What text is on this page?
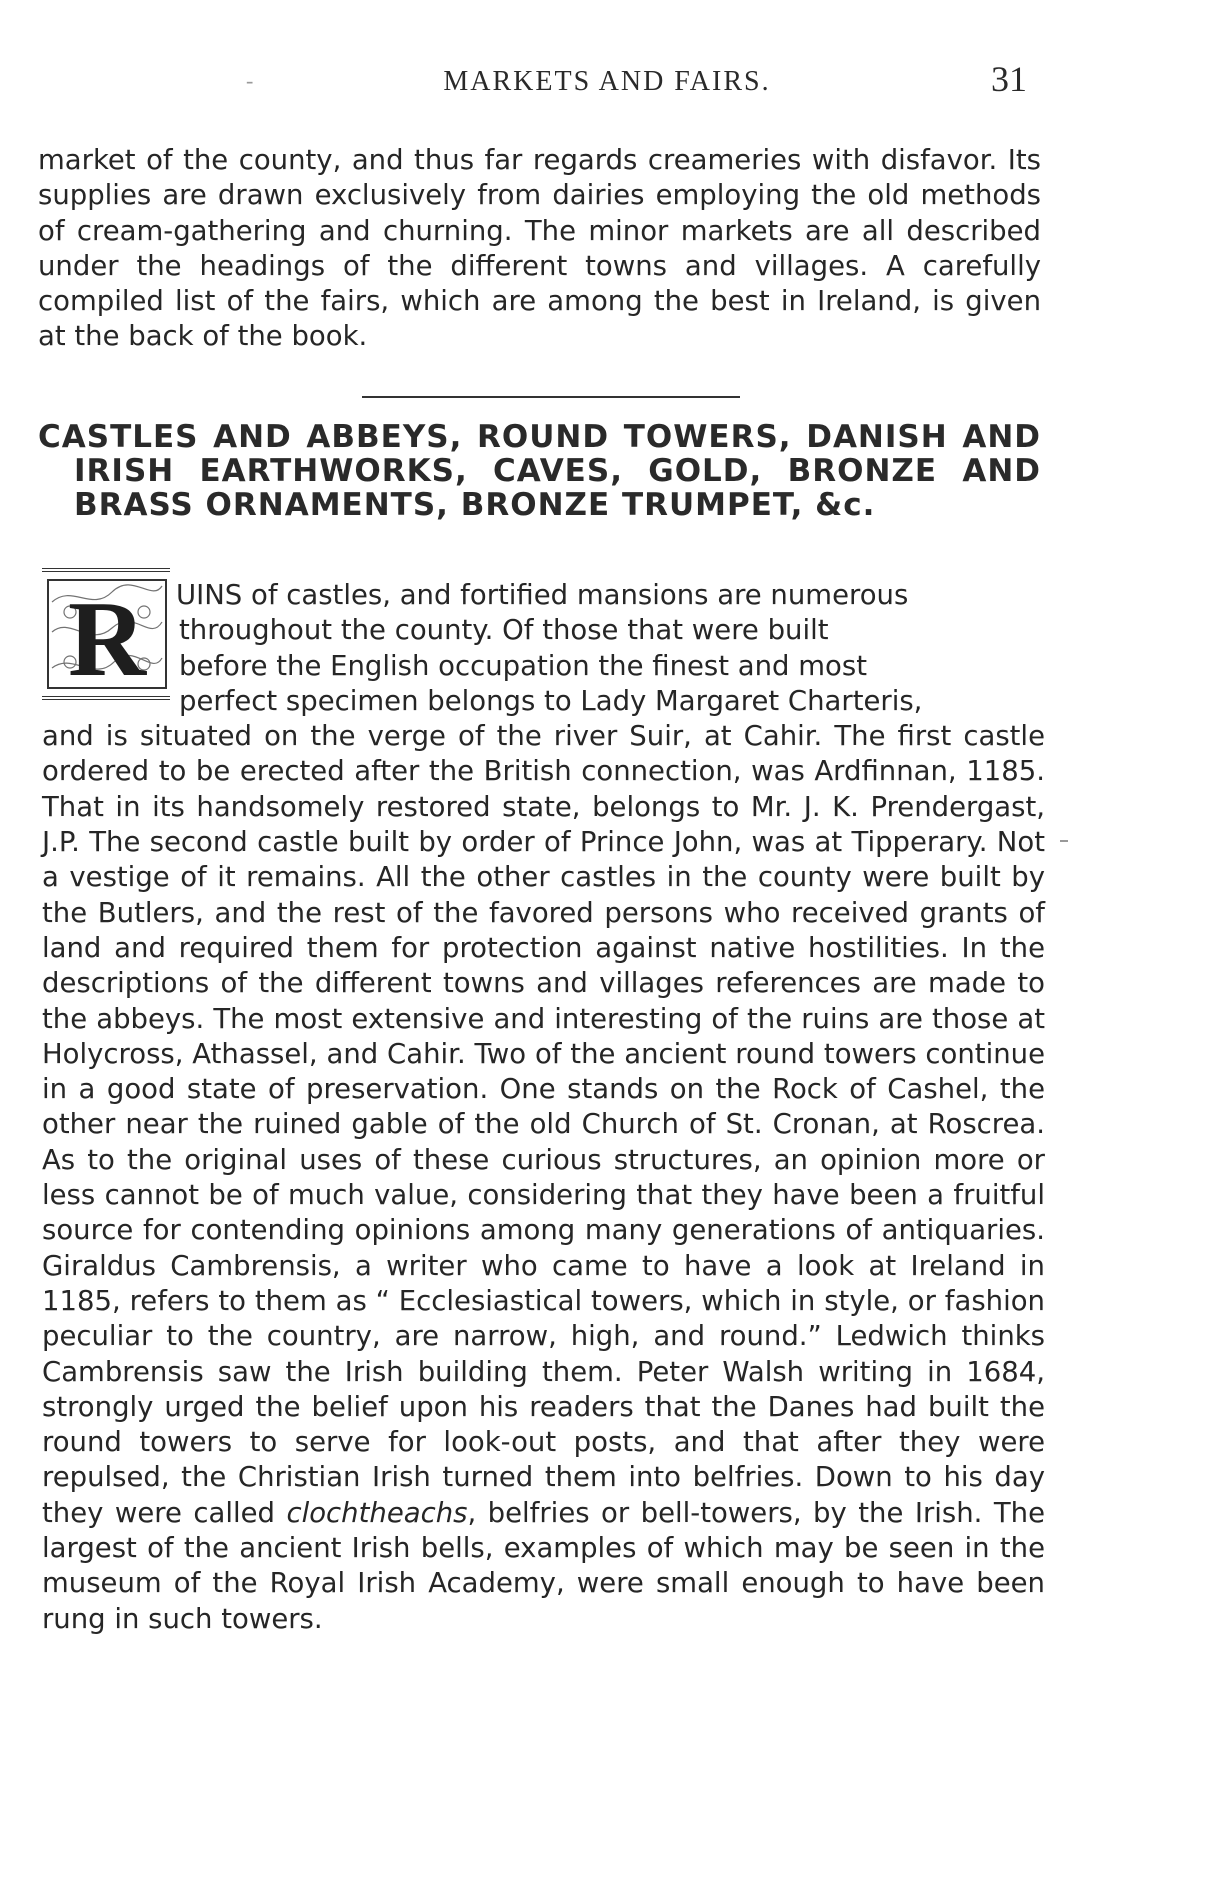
-	MARKETS AND FAIRS.	31

market of the county, and thus far regards creameries with disfavor. Its supplies are drawn exclusively from dairies employing the old methods of cream-gathering and churning. The minor markets are all described under the headings of the different towns and villages. A carefully compiled list of the fairs, which are among the best in Ireland, is given at the back of the book.

CASTLES AND ABBEYS, ROUND TOWERS, DANISH AND IRISH EARTHWORKS, CAVES, GOLD, BRONZE AND BRASS ORNAMENTS, BRONZE TRUMPET, &c.
R	UINS of castles, and fortified mansions are numerous
throughout the county. Of those that were built
before the English occupation the finest and most
perfect specimen belongs to Lady Margaret Charteris,
and is situated on the verge of the river Suir, at Cahir. The first castle ordered to be erected after the British connection, was Ardfinnan, 1185. That in its handsomely restored state, belongs to Mr. J. K. Prendergast, J.P. The second castle built by order of Prince John, was at Tipperary. Not a vestige of it remains. All the other castles in the county were built by the Butlers, and the rest of the favored persons who received grants of land and required them for protection against native hostilities. In the descriptions of the different towns and villages references are made to the abbeys. The most extensive and interesting of the ruins are those at Holycross, Athassel, and Cahir. Two of the ancient round towers continue in a good state of preservation. One stands on the Rock of Cashel, the other near the ruined gable of the old Church of St. Cronan, at Roscrea. As to the original uses of these curious structures, an opinion more or less cannot be of much value, considering that they have been a fruitful source for contending opinions among many generations of antiquaries. Giraldus Cambrensis, a writer who came to have a look at Ireland in 1185, refers to them as “ Ecclesiastical towers, which in style, or fashion peculiar to the country, are narrow, high, and round.” Ledwich thinks Cambrensis saw the Irish building them. Peter Walsh writing in 1684, strongly urged the belief upon his readers that the Danes had built the round towers to serve for look-out posts, and that after they were repulsed, the Christian Irish turned them into belfries. Down to his day they were called clochtheachs, belfries or bell-towers, by the Irish. The largest of the ancient Irish bells, examples of which may be seen in the museum of the Royal Irish Academy, were small enough to have been rung in such towers.
